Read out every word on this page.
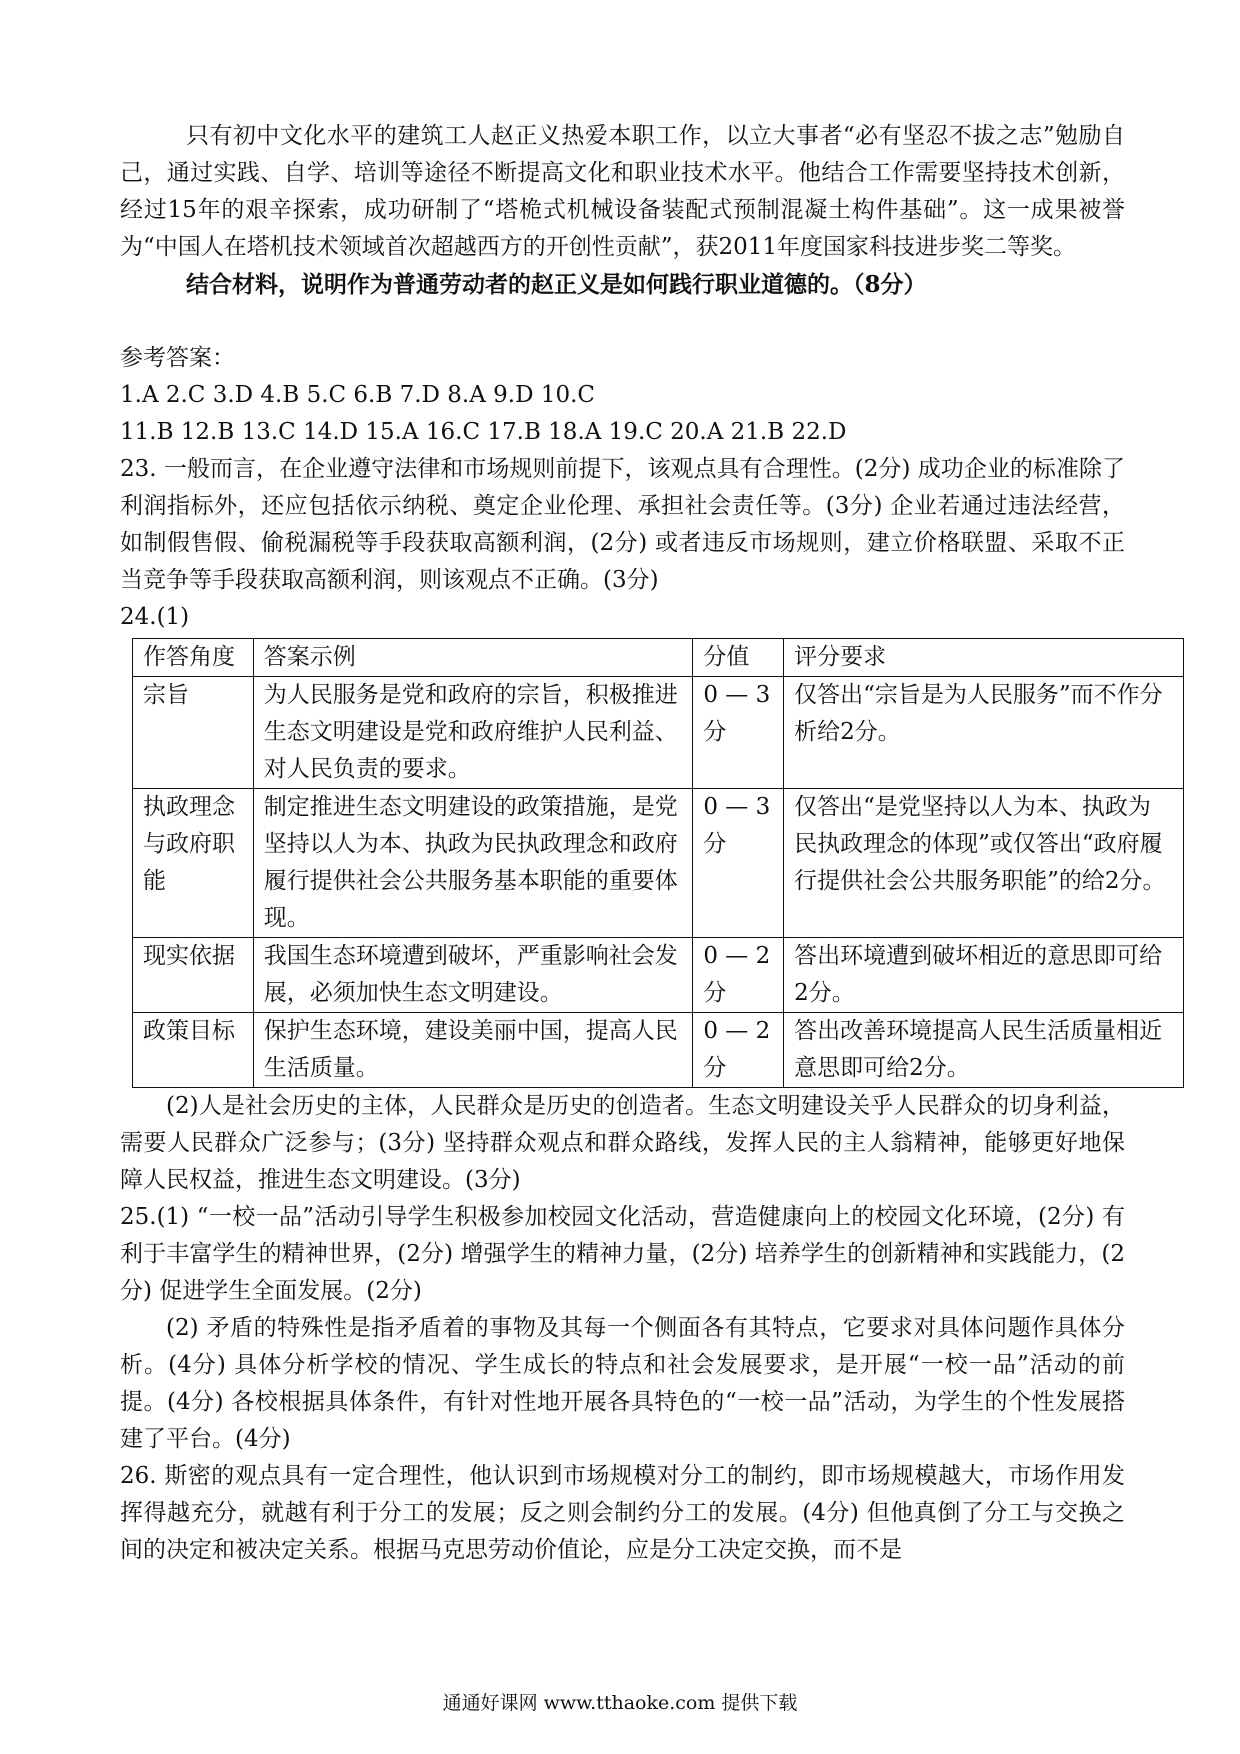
只有初中文化水平的建筑工人赵正义热爱本职工作，以立大事者“必有坚忍不拔之志”勉励自己，通过实践、自学、培训等途径不断提高文化和职业技术水平。他结合工作需要坚持技术创新，经过15年的艰辛探索，成功研制了“塔桅式机械设备装配式预制混凝土构件基础”。这一成果被誉为“中国人在塔机技术领域首次超越西方的开创性贡献”，获2011年度国家科技进步奖二等奖。

结合材料，说明作为普通劳动者的赵正义是如何践行职业道德的。（8分）

参考答案：

1.A 2.C 3.D 4.B 5.C 6.B 7.D 8.A 9.D 10.C

11.B 12.B 13.C 14.D 15.A 16.C 17.B 18.A 19.C 20.A 21.B 22.D

23. 一般而言，在企业遵守法律和市场规则前提下，该观点具有合理性。(2分) 成功企业的标准除了利润指标外，还应包括依示纳税、奠定企业伦理、承担社会责任等。(3分) 企业若通过违法经营，如制假售假、偷税漏税等手段获取高额利润，(2分) 或者违反市场规则，建立价格联盟、采取不正当竞争等手段获取高额利润，则该观点不正确。(3分)

24.(1)

作答角度	答案示例	分值	评分要求
宗旨	为人民服务是党和政府的宗旨，积极推进生态文明建设是党和政府维护人民利益、对人民负责的要求。	0 — 3分	仅答出“宗旨是为人民服务”而不作分析给2分。
执政理念与政府职能	制定推进生态文明建设的政策措施，是党坚持以人为本、执政为民执政理念和政府履行提供社会公共服务基本职能的重要体现。	0 — 3分	仅答出“是党坚持以人为本、执政为民执政理念的体现”或仅答出“政府履行提供社会公共服务职能”的给2分。
现实依据	我国生态环境遭到破坏，严重影响社会发展，必须加快生态文明建设。	0 — 2分	答出环境遭到破坏相近的意思即可给2分。
政策目标	保护生态环境，建设美丽中国，提高人民生活质量。	0 — 2分	答出改善环境提高人民生活质量相近意思即可给2分。

(2)人是社会历史的主体，人民群众是历史的创造者。生态文明建设关乎人民群众的切身利益，需要人民群众广泛参与；(3分) 坚持群众观点和群众路线，发挥人民的主人翁精神，能够更好地保障人民权益，推进生态文明建设。(3分)

25.(1) “一校一品”活动引导学生积极参加校园文化活动，营造健康向上的校园文化环境，(2分) 有利于丰富学生的精神世界，(2分) 增强学生的精神力量，(2分) 培养学生的创新精神和实践能力，(2分) 促进学生全面发展。(2分)

(2) 矛盾的特殊性是指矛盾着的事物及其每一个侧面各有其特点，它要求对具体问题作具体分析。(4分) 具体分析学校的情况、学生成长的特点和社会发展要求，是开展“一校一品”活动的前提。(4分) 各校根据具体条件，有针对性地开展各具特色的“一校一品”活动，为学生的个性发展搭建了平台。(4分)

26. 斯密的观点具有一定合理性，他认识到市场规模对分工的制约，即市场规模越大，市场作用发挥得越充分，就越有利于分工的发展；反之则会制约分工的发展。(4分) 但他真倒了分工与交换之间的决定和被决定关系。根据马克思劳动价值论，应是分工决定交换，而不是

通通好课网 www.tthaoke.com 提供下载
